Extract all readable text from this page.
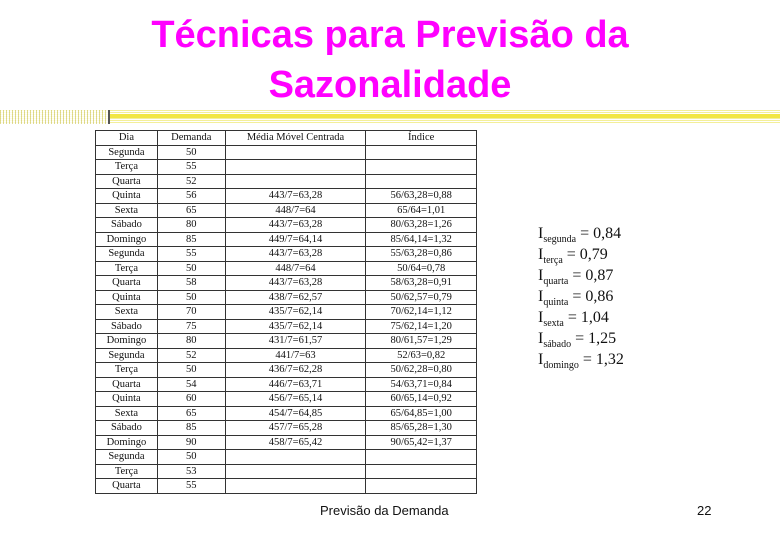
Técnicas para Previsão da
Sazonalidade
Dia	Demanda	Média Móvel Centrada	Índice
Segunda	50		
Terça	55		
Quarta	52		
Quinta	56	443/7=63,28	56/63,28=0,88
Sexta	65	448/7=64	65/64=1,01
Sábado	80	443/7=63,28	80/63,28=1,26
Domingo	85	449/7=64,14	85/64,14=1,32
Segunda	55	443/7=63,28	55/63,28=0,86
Terça	50	448/7=64	50/64=0,78
Quarta	58	443/7=63,28	58/63,28=0,91
Quinta	50	438/7=62,57	50/62,57=0,79
Sexta	70	435/7=62,14	70/62,14=1,12
Sábado	75	435/7=62,14	75/62,14=1,20
Domingo	80	431/7=61,57	80/61,57=1,29
Segunda	52	441/7=63	52/63=0,82
Terça	50	436/7=62,28	50/62,28=0,80
Quarta	54	446/7=63,71	54/63,71=0,84
Quinta	60	456/7=65,14	60/65,14=0,92
Sexta	65	454/7=64,85	65/64,85=1,00
Sábado	85	457/7=65,28	85/65,28=1,30
Domingo	90	458/7=65,42	90/65,42=1,37
Segunda	50		
Terça	53		
Quarta	55		
$I_{segunda} = 0,84$
$I_{terça} = 0,79$
$I_{quarta} = 0,87$
$I_{quinta} = 0,86$
$I_{sexta} = 1,04$
$I_{sábado} = 1,25$
$I_{domingo} = 1,32$
Previsão da Demanda	22
